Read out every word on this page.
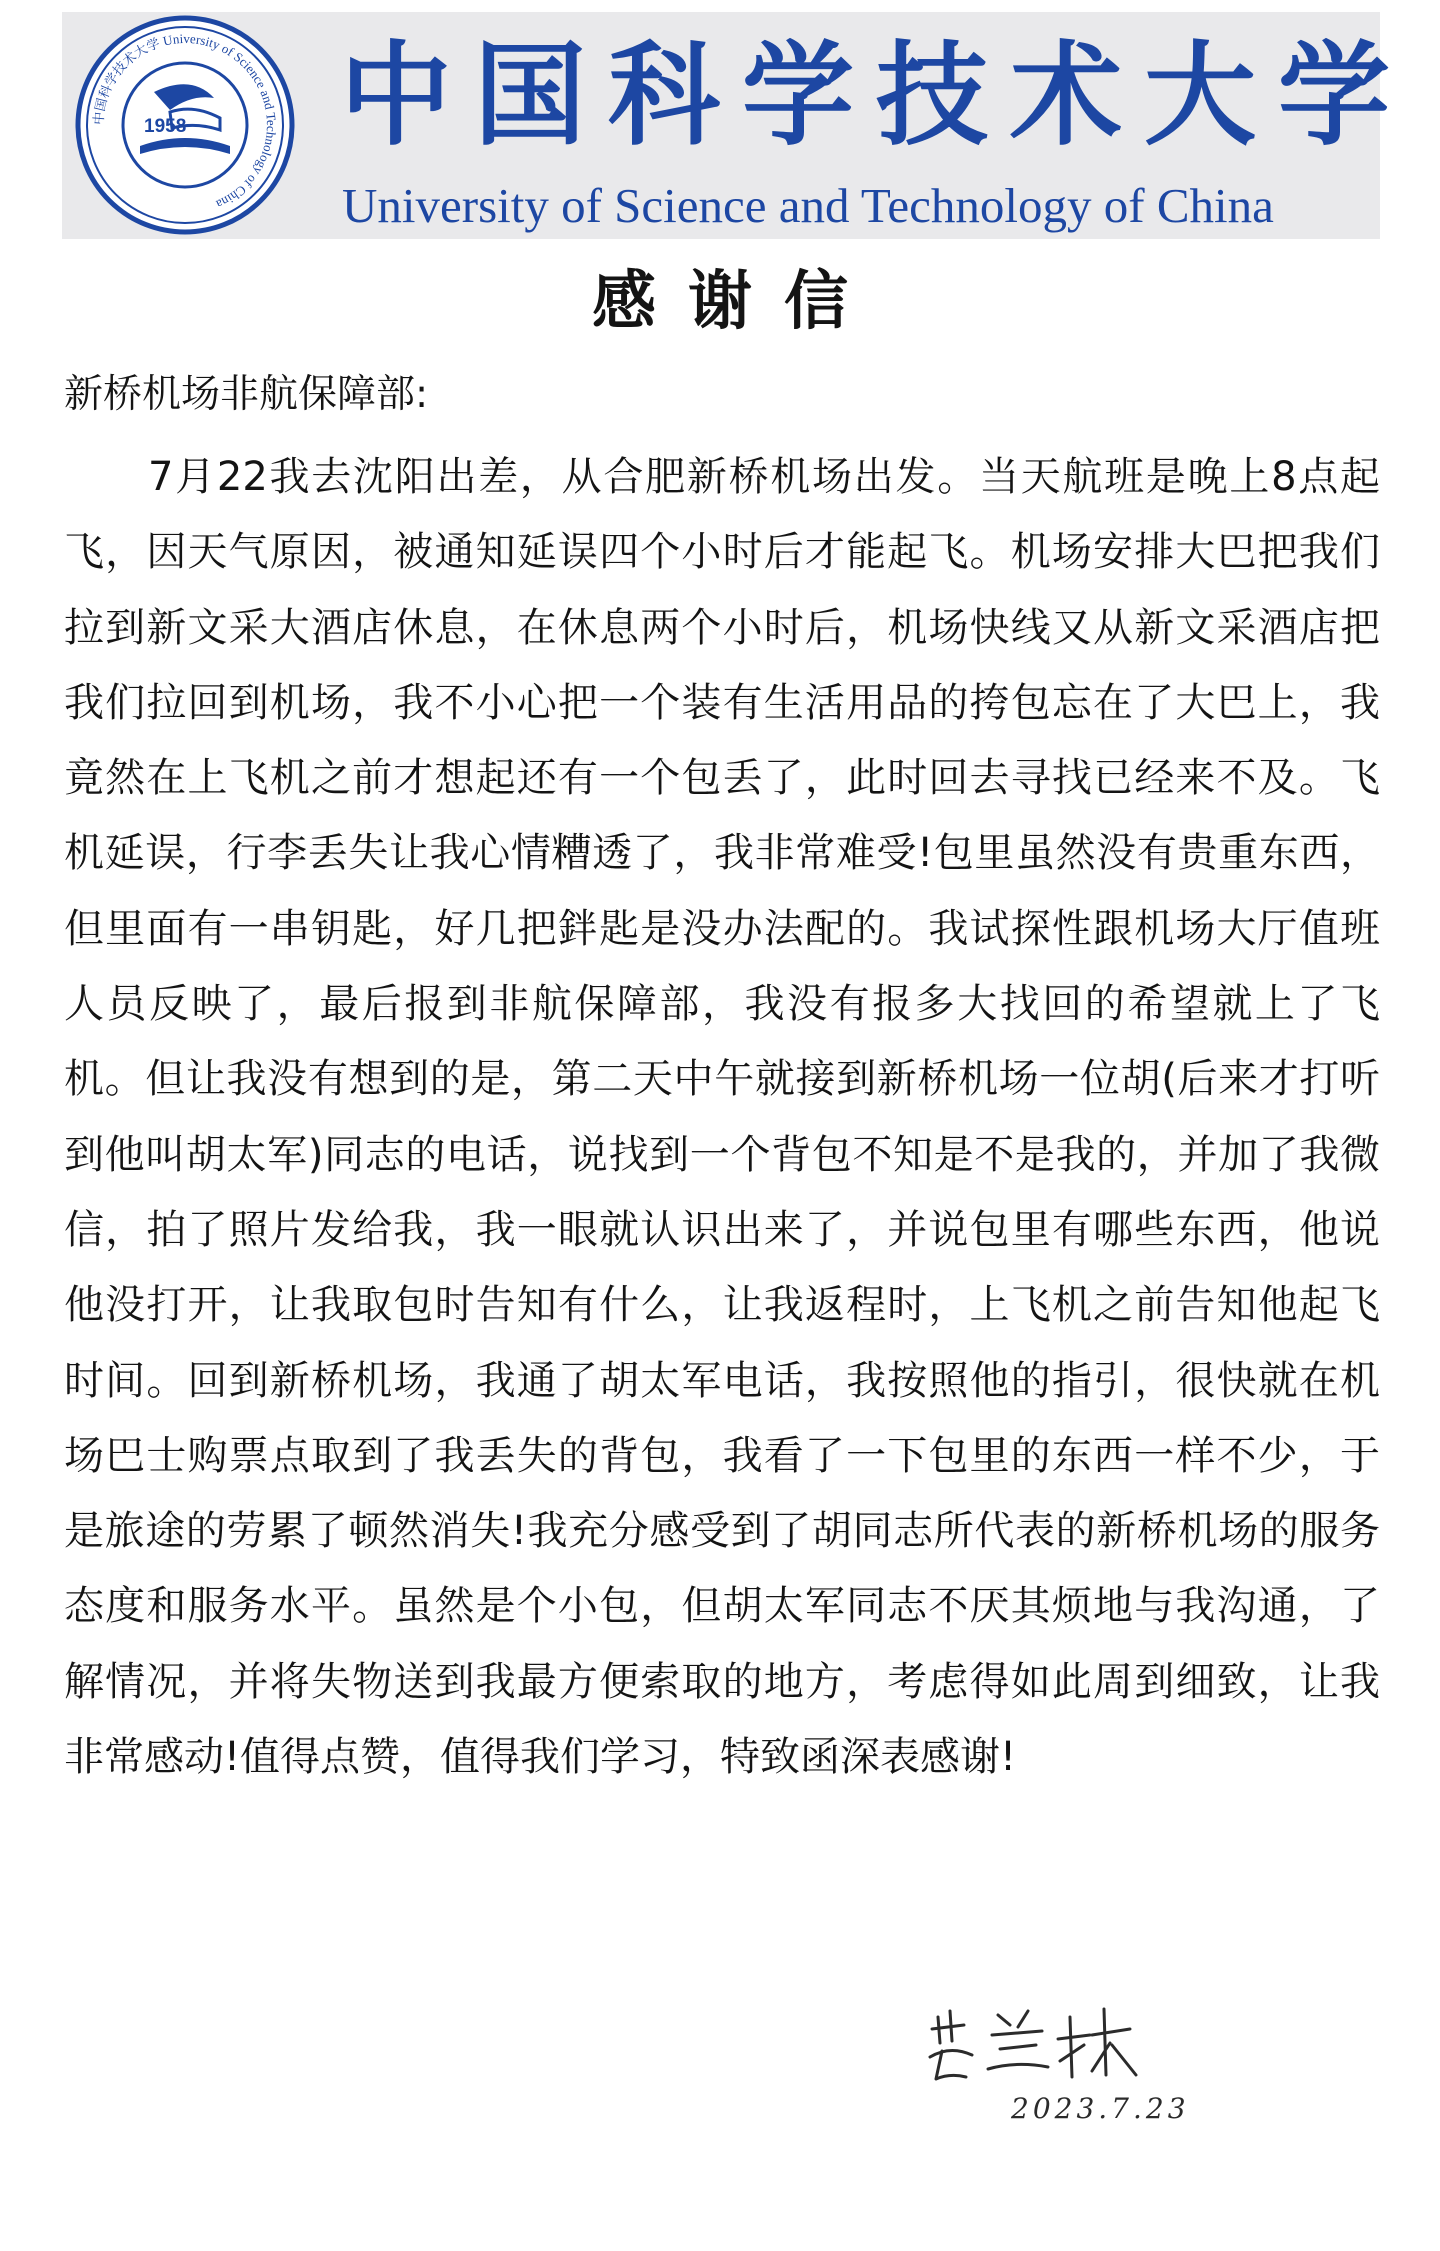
中国科学技术大学 University of Science and Technology of China
1958 中国科学技术大学
University of Science and Technology of China
感谢信
新桥机场非航保障部:

7月22我去沈阳出差，从合肥新桥机场出发。当天航班是晚上8点起飞，因天气原因，被通知延误四个小时后才能起飞。机场安排大巴把我们拉到新文采大酒店休息，在休息两个小时后，机场快线又从新文采酒店把我们拉回到机场，我不小心把一个装有生活用品的挎包忘在了大巴上，我竟然在上飞机之前才想起还有一个包丢了，此时回去寻找已经来不及。飞机延误，行李丢失让我心情糟透了，我非常难受!包里虽然没有贵重东西，但里面有一串钥匙，好几把鉡匙是没办法配的。我试探性跟机场大厅值班人员反映了，最后报到非航保障部，我没有报多大找回的希望就上了飞机。但让我没有想到的是，第二天中午就接到新桥机场一位胡(后来才打听到他叫胡太军)同志的电话，说找到一个背包不知是不是我的，并加了我微信，拍了照片发给我，我一眼就认识出来了，并说包里有哪些东西，他说他没打开，让我取包时告知有什么，让我返程时，上飞机之前告知他起飞时间。回到新桥机场，我通了胡太军电话，我按照他的指引，很快就在机场巴士购票点取到了我丢失的背包，我看了一下包里的东西一样不少，于是旅途的劳累了顿然消失!我充分感受到了胡同志所代表的新桥机场的服务态度和服务水平。虽然是个小包，但胡太军同志不厌其烦地与我沟通，了解情况，并将失物送到我最方便索取的地方，考虑得如此周到细致，让我非常感动!值得点赞，值得我们学习，特致函深表感谢!

2023.7.23
